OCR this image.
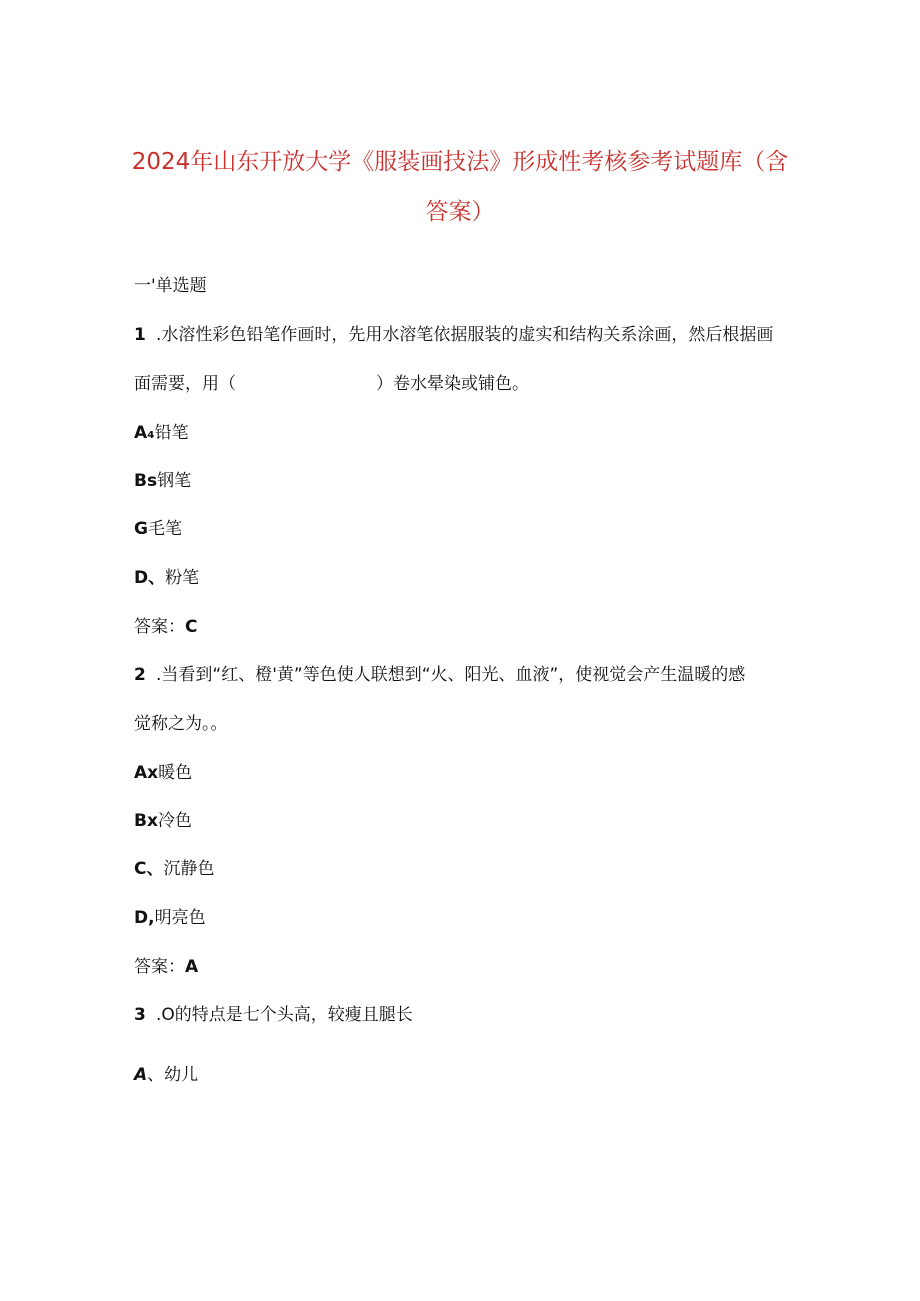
2024年山东开放大学《服装画技法》形成性考核参考试题库（含
答案）
一'单选题
1 .水溶性彩色铅笔作画时，先用水溶笔依据服装的虚实和结构关系涂画，然后根据画
面需要，用（	）卷水晕染或铺色。
A₄铅笔
Bs钢笔
G毛笔
D、粉笔
答案：C
2 .当看到“红、橙'黄”等色使人联想到“火、阳光、血液”，使视觉会产生温暖的感
觉称之为。。
Ax暖色
Bx冷色
C、沉静色
D,明亮色
答案：A
3 .O的特点是七个头高，较瘦且腿长
A、幼儿
